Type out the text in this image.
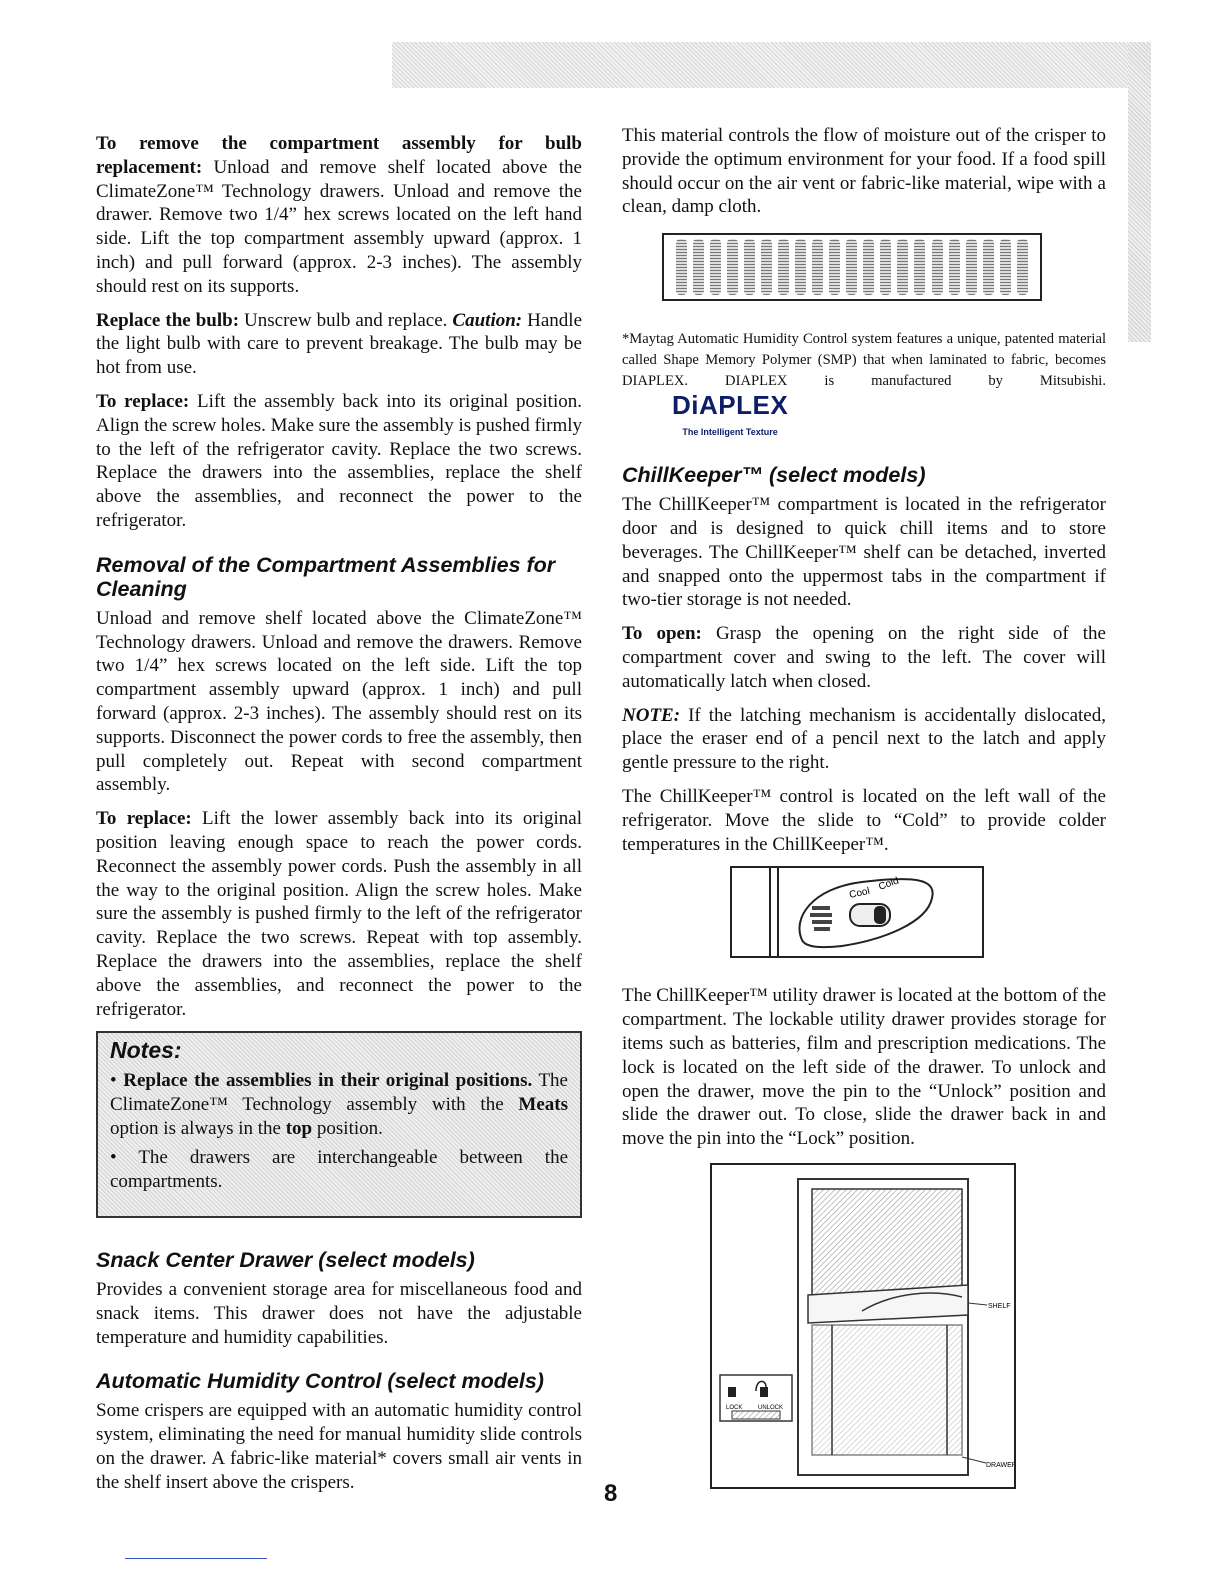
To remove the compartment assembly for bulb replacement: Unload and remove shelf located above the ClimateZone™ Technology drawers. Unload and remove the drawer. Remove two 1/4” hex screws located on the left hand side. Lift the top compartment assembly upward (approx. 1 inch) and pull forward (approx. 2-3 inches). The assembly should rest on its supports.

Replace the bulb: Unscrew bulb and replace. Caution: Handle the light bulb with care to prevent breakage. The bulb may be hot from use.

To replace: Lift the assembly back into its original position. Align the screw holes. Make sure the assembly is pushed firmly to the left of the refrigerator cavity. Replace the two screws. Replace the drawers into the assemblies, replace the shelf above the assemblies, and reconnect the power to the refrigerator.

Removal of the Compartment Assemblies for Cleaning

Unload and remove shelf located above the ClimateZone™ Technology drawers. Unload and remove the drawers. Remove two 1/4” hex screws located on the left side. Lift the top compartment assembly upward (approx. 1 inch) and pull forward (approx. 2-3 inches). The assembly should rest on its supports. Disconnect the power cords to free the assembly, then pull completely out. Repeat with second compartment assembly.

To replace: Lift the lower assembly back into its original position leaving enough space to reach the power cords. Reconnect the assembly power cords. Push the assembly in all the way to the original position. Align the screw holes. Make sure the assembly is pushed firmly to the left of the refrigerator cavity. Replace the two screws. Repeat with top assembly. Replace the drawers into the assemblies, replace the shelf above the assemblies, and reconnect the power to the refrigerator.

Notes:
• Replace the assemblies in their original positions. The ClimateZone™ Technology assembly with the Meats option is always in the top position.
• The drawers are interchangeable between the compartments.
Snack Center Drawer (select models)

Provides a convenient storage area for miscellaneous food and snack items. This drawer does not have the adjustable temperature and humidity capabilities.

Automatic Humidity Control (select models)

Some crispers are equipped with an automatic humidity control system, eliminating the need for manual humidity slide controls on the drawer. A fabric-like material* covers small air vents in the shelf insert above the crispers.

This material controls the flow of moisture out of the crisper to provide the optimum environment for your food. If a food spill should occur on the air vent or fabric-like material, wipe with a clean, damp cloth.

*Maytag Automatic Humidity Control system features a unique, patented material called Shape Memory Polymer (SMP) that when laminated to fabric, becomes DIAPLEX. DIAPLEX is manufactured by Mitsubishi. DiAPLEX
The Intelligent Texture
ChillKeeper™ (select models)

The ChillKeeper™ compartment is located in the refrigerator door and is designed to quick chill items and to store beverages. The ChillKeeper™ shelf can be detached, inverted and snapped onto the uppermost tabs in the compartment if two-tier storage is not needed.

To open: Grasp the opening on the right side of the compartment cover and swing to the left. The cover will automatically latch when closed.

NOTE: If the latching mechanism is accidentally dislocated, place the eraser end of a pencil next to the latch and apply gentle pressure to the right.

The ChillKeeper™ control is located on the left wall of the refrigerator. Move the slide to “Cold” to provide colder temperatures in the ChillKeeper™.

Cool
Cold

The ChillKeeper™ utility drawer is located at the bottom of the compartment. The lockable utility drawer provides storage for items such as batteries, film and prescription medications. The lock is located on the left side of the drawer. To unlock and open the drawer, move the pin to the “Unlock” position and slide the drawer out. To close, slide the drawer back in and move the pin into the “Lock” position.

LOCK	UNLOCK
SHELF
DRAWER
8
